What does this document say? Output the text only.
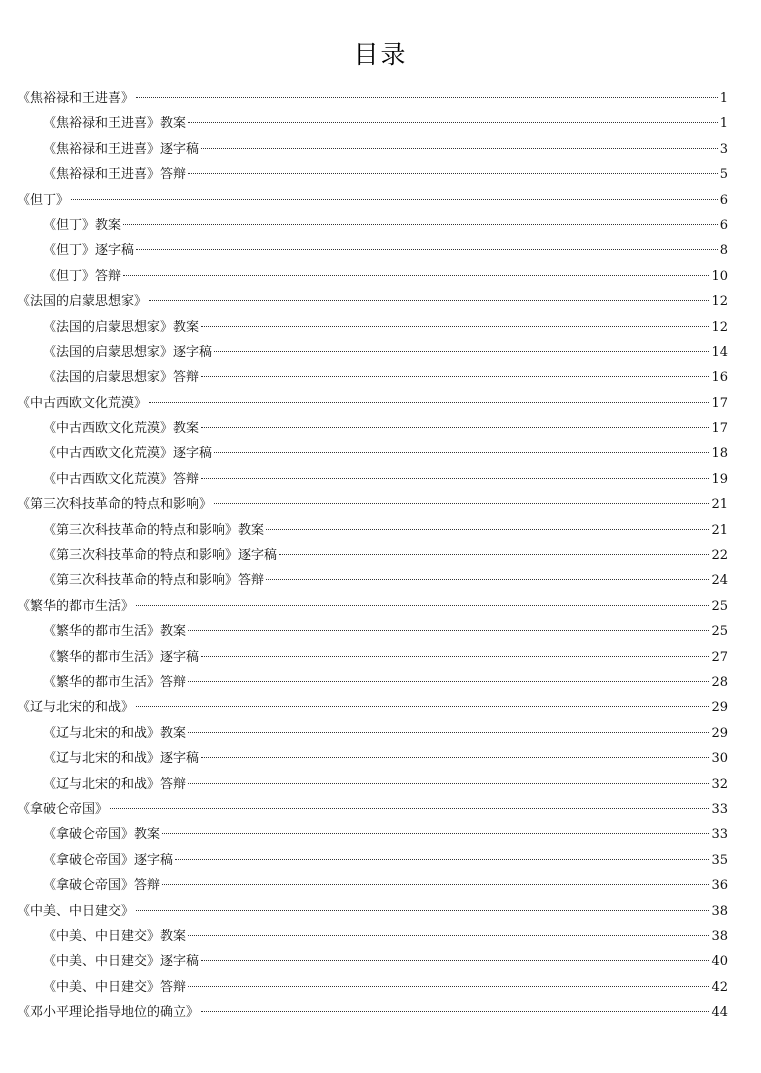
目录
《焦裕禄和王进喜》	1
《焦裕禄和王进喜》教案	1
《焦裕禄和王进喜》逐字稿	3
《焦裕禄和王进喜》答辩	5
《但丁》	6
《但丁》教案	6
《但丁》逐字稿	8
《但丁》答辩	10
《法国的启蒙思想家》	12
《法国的启蒙思想家》教案	12
《法国的启蒙思想家》逐字稿	14
《法国的启蒙思想家》答辩	16
《中古西欧文化荒漠》	17
《中古西欧文化荒漠》教案	17
《中古西欧文化荒漠》逐字稿	18
《中古西欧文化荒漠》答辩	19
《第三次科技革命的特点和影响》	21
《第三次科技革命的特点和影响》教案	21
《第三次科技革命的特点和影响》逐字稿	22
《第三次科技革命的特点和影响》答辩	24
《繁华的都市生活》	25
《繁华的都市生活》教案	25
《繁华的都市生活》逐字稿	27
《繁华的都市生活》答辩	28
《辽与北宋的和战》	29
《辽与北宋的和战》教案	29
《辽与北宋的和战》逐字稿	30
《辽与北宋的和战》答辩	32
《拿破仑帝国》	33
《拿破仑帝国》教案	33
《拿破仑帝国》逐字稿	35
《拿破仑帝国》答辩	36
《中美、中日建交》	38
《中美、中日建交》教案	38
《中美、中日建交》逐字稿	40
《中美、中日建交》答辩	42
《邓小平理论指导地位的确立》	44
